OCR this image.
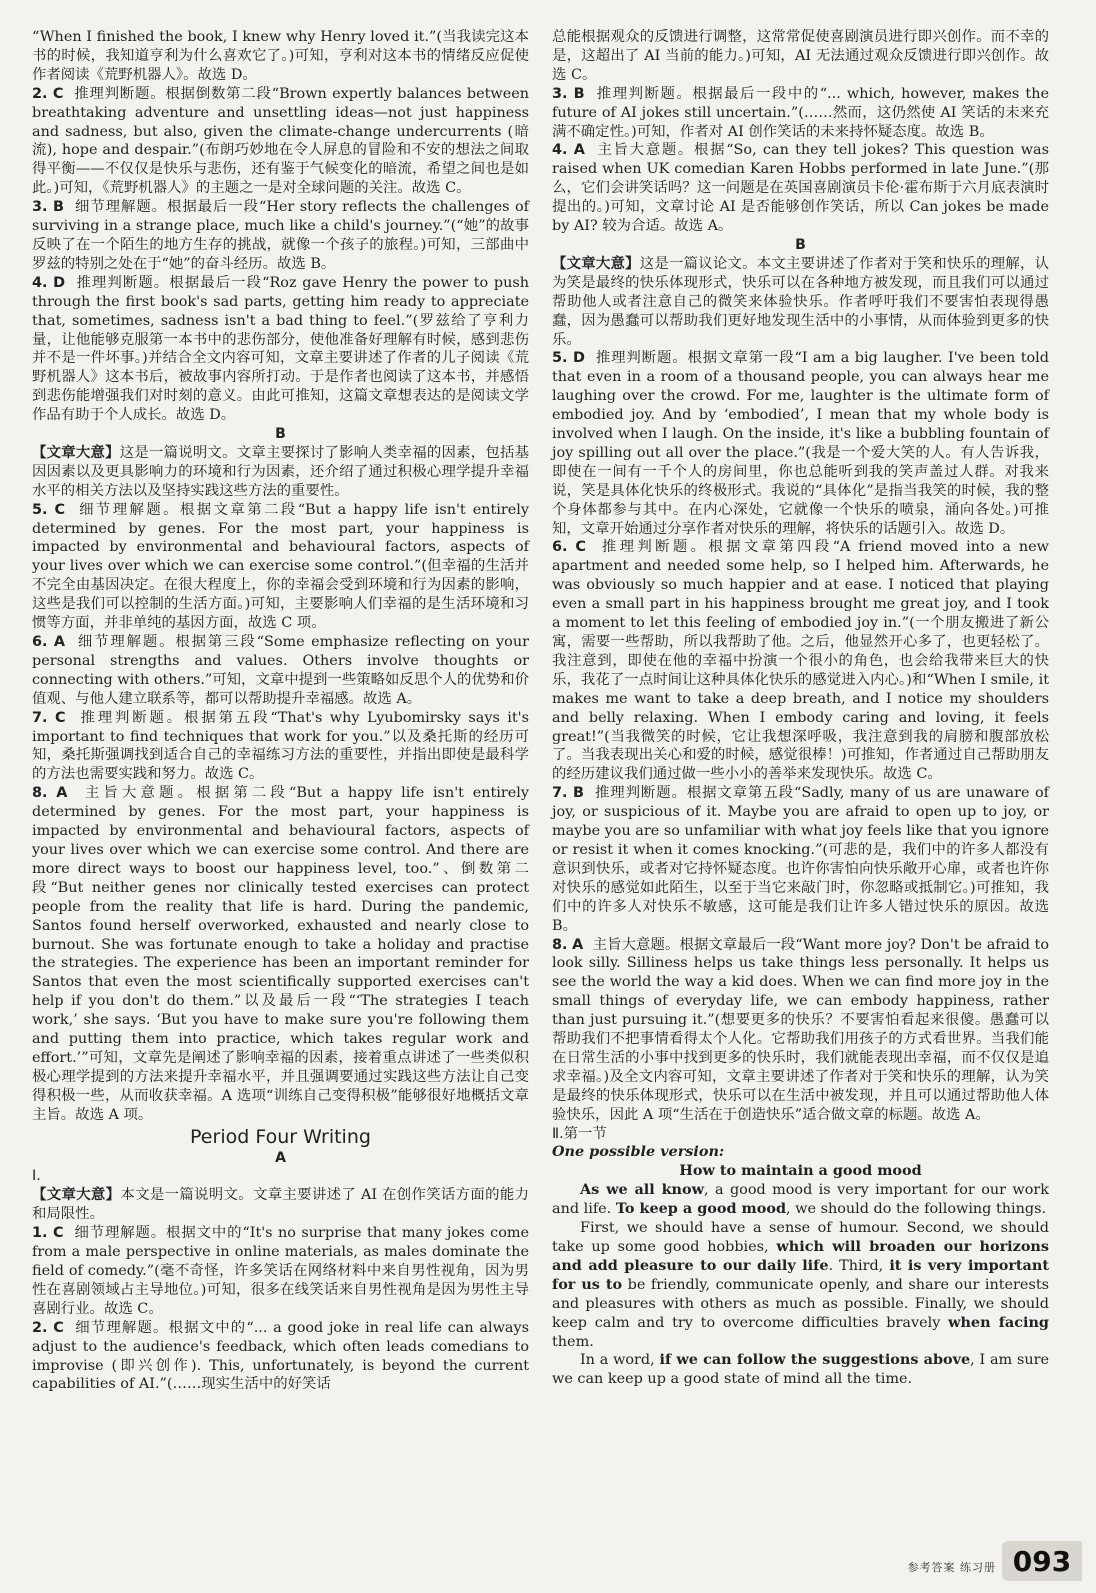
“When I finished the book, I knew why Henry loved it.”(当我读完这本书的时候，我知道亨利为什么喜欢它了。)可知，亨利对这本书的情绪反应促使作者阅读《荒野机器人》。故选 D。

2. C 推理判断题。根据倒数第二段“Brown expertly balances between breathtaking adventure and unsettling ideas—not just happiness and sadness, but also, given the climate-change undercurrents (暗流), hope and despair.”(布朗巧妙地在令人屏息的冒险和不安的想法之间取得平衡——不仅仅是快乐与悲伤，还有鉴于气候变化的暗流，希望之间也是如此。)可知，《荒野机器人》的主题之一是对全球问题的关注。故选 C。

3. B 细节理解题。根据最后一段“Her story reflects the challenges of surviving in a strange place, much like a child's journey.”(“她”的故事反映了在一个陌生的地方生存的挑战，就像一个孩子的旅程。)可知，三部曲中罗兹的特别之处在于“她”的奋斗经历。故选 B。

4. D 推理判断题。根据最后一段“Roz gave Henry the power to push through the first book's sad parts, getting him ready to appreciate that, sometimes, sadness isn't a bad thing to feel.”(罗兹给了亨利力量，让他能够克服第一本书中的悲伤部分，使他准备好理解有时候，感到悲伤并不是一件坏事。)并结合全文内容可知，文章主要讲述了作者的儿子阅读《荒野机器人》这本书后，被故事内容所打动。于是作者也阅读了这本书，并感悟到悲伤能增强我们对时刻的意义。由此可推知，这篇文章想表达的是阅读文学作品有助于个人成长。故选 D。

B

【文章大意】这是一篇说明文。文章主要探讨了影响人类幸福的因素，包括基因因素以及更具影响力的环境和行为因素，还介绍了通过积极心理学提升幸福水平的相关方法以及坚持实践这些方法的重要性。

5. C 细节理解题。根据文章第二段“But a happy life isn't entirely determined by genes. For the most part, your happiness is impacted by environmental and behavioural factors, aspects of your lives over which we can exercise some control.”(但幸福的生活并不完全由基因决定。在很大程度上，你的幸福会受到环境和行为因素的影响，这些是我们可以控制的生活方面。)可知，主要影响人们幸福的是生活环境和习惯等方面，并非单纯的基因方面，故选 C 项。

6. A 细节理解题。根据第三段“Some emphasize reflecting on your personal strengths and values. Others involve thoughts or connecting with others.”可知，文章中提到一些策略如反思个人的优势和价值观、与他人建立联系等，都可以帮助提升幸福感。故选 A。

7. C 推理判断题。根据第五段“That's why Lyubomirsky says it's important to find techniques that work for you.”以及桑托斯的经历可知，桑托斯强调找到适合自己的幸福练习方法的重要性，并指出即使是最科学的方法也需要实践和努力。故选 C。

8. A 主旨大意题。根据第二段“But a happy life isn't entirely determined by genes. For the most part, your happiness is impacted by environmental and behavioural factors, aspects of your lives over which we can exercise some control. And there are more direct ways to boost our happiness level, too.”、倒数第二段“But neither genes nor clinically tested exercises can protect people from the reality that life is hard. During the pandemic, Santos found herself overworked, exhausted and nearly close to burnout. She was fortunate enough to take a holiday and practise the strategies. The experience has been an important reminder for Santos that even the most scientifically supported exercises can't help if you don't do them.”以及最后一段“‘The strategies I teach work,’ she says. ‘But you have to make sure you're following them and putting them into practice, which takes regular work and effort.’”可知，文章先是阐述了影响幸福的因素，接着重点讲述了一些类似积极心理学提到的方法来提升幸福水平，并且强调要通过实践这些方法让自己变得积极一些，从而收获幸福。A 选项“训练自己变得积极”能够很好地概括文章主旨。故选 A 项。

Period Four Writing

A

Ⅰ.

【文章大意】本文是一篇说明文。文章主要讲述了 AI 在创作笑话方面的能力和局限性。

1. C 细节理解题。根据文中的“It's no surprise that many jokes come from a male perspective in online materials, as males dominate the field of comedy.”(毫不奇怪，许多笑话在网络材料中来自男性视角，因为男性在喜剧领域占主导地位。)可知，很多在线笑话来自男性视角是因为男性主导喜剧行业。故选 C。

2. C 细节理解题。根据文中的“... a good joke in real life can always adjust to the audience's feedback, which often leads comedians to improvise (即兴创作). This, unfortunately, is beyond the current capabilities of AI.”(……现实生活中的好笑话

总能根据观众的反馈进行调整，这常常促使喜剧演员进行即兴创作。而不幸的是，这超出了 AI 当前的能力。)可知，AI 无法通过观众反馈进行即兴创作。故选 C。

3. B 推理判断题。根据最后一段中的“... which, however, makes the future of AI jokes still uncertain.”(……然而，这仍然使 AI 笑话的未来充满不确定性。)可知，作者对 AI 创作笑话的未来持怀疑态度。故选 B。

4. A 主旨大意题。根据“So, can they tell jokes? This question was raised when UK comedian Karen Hobbs performed in late June.”(那么，它们会讲笑话吗？这一问题是在英国喜剧演员卡伦·霍布斯于六月底表演时提出的。)可知，文章讨论 AI 是否能够创作笑话，所以 Can jokes be made by AI? 较为合适。故选 A。

B

【文章大意】这是一篇议论文。本文主要讲述了作者对于笑和快乐的理解，认为笑是最终的快乐体现形式，快乐可以在各种地方被发现，而且我们可以通过帮助他人或者注意自己的微笑来体验快乐。作者呼吁我们不要害怕表现得愚蠢，因为愚蠢可以帮助我们更好地发现生活中的小事情，从而体验到更多的快乐。

5. D 推理判断题。根据文章第一段“I am a big laugher. I've been told that even in a room of a thousand people, you can always hear me laughing over the crowd. For me, laughter is the ultimate form of embodied joy. And by ‘embodied’, I mean that my whole body is involved when I laugh. On the inside, it's like a bubbling fountain of joy spilling out all over the place.”(我是一个爱大笑的人。有人告诉我，即使在一间有一千个人的房间里，你也总能听到我的笑声盖过人群。对我来说，笑是具体化快乐的终极形式。我说的“具体化”是指当我笑的时候，我的整个身体都参与其中。在内心深处，它就像一个快乐的喷泉，涌向各处。)可推知，文章开始通过分享作者对快乐的理解，将快乐的话题引入。故选 D。

6. C 推理判断题。根据文章第四段“A friend moved into a new apartment and needed some help, so I helped him. Afterwards, he was obviously so much happier and at ease. I noticed that playing even a small part in his happiness brought me great joy, and I took a moment to let this feeling of embodied joy in.”(一个朋友搬进了新公寓，需要一些帮助，所以我帮助了他。之后，他显然开心多了，也更轻松了。我注意到，即使在他的幸福中扮演一个很小的角色，也会给我带来巨大的快乐，我花了一点时间让这种具体化快乐的感觉进入内心。)和“When I smile, it makes me want to take a deep breath, and I notice my shoulders and belly relaxing. When I embody caring and loving, it feels great!”(当我微笑的时候，它让我想深呼吸，我注意到我的肩膀和腹部放松了。当我表现出关心和爱的时候，感觉很棒！)可推知，作者通过自己帮助朋友的经历建议我们通过做一些小小的善举来发现快乐。故选 C。

7. B 推理判断题。根据文章第五段“Sadly, many of us are unaware of joy, or suspicious of it. Maybe you are afraid to open up to joy, or maybe you are so unfamiliar with what joy feels like that you ignore or resist it when it comes knocking.”(可悲的是，我们中的许多人都没有意识到快乐，或者对它持怀疑态度。也许你害怕向快乐敞开心扉，或者也许你对快乐的感觉如此陌生，以至于当它来敲门时，你忽略或抵制它。)可推知，我们中的许多人对快乐不敏感，这可能是我们让许多人错过快乐的原因。故选 B。

8. A 主旨大意题。根据文章最后一段“Want more joy? Don't be afraid to look silly. Silliness helps us take things less personally. It helps us see the world the way a kid does. When we can find more joy in the small things of everyday life, we can embody happiness, rather than just pursuing it.”(想要更多的快乐？不要害怕看起来很傻。愚蠢可以帮助我们不把事情看得太个人化。它帮助我们用孩子的方式看世界。当我们能在日常生活的小事中找到更多的快乐时，我们就能表现出幸福，而不仅仅是追求幸福。)及全文内容可知，文章主要讲述了作者对于笑和快乐的理解，认为笑是最终的快乐体现形式，快乐可以在生活中被发现，并且可以通过帮助他人体验快乐，因此 A 项“生活在于创造快乐”适合做文章的标题。故选 A。

Ⅱ.第一节

One possible version:

How to maintain a good mood

As we all know, a good mood is very important for our work and life. To keep a good mood, we should do the following things.

First, we should have a sense of humour. Second, we should take up some good hobbies, which will broaden our horizons and add pleasure to our daily life. Third, it is very important for us to be friendly, communicate openly, and share our interests and pleasures with others as much as possible. Finally, we should keep calm and try to overcome difficulties bravely when facing them.

In a word, if we can follow the suggestions above, I am sure we can keep up a good state of mind all the time.

参考答案 练习册 093
